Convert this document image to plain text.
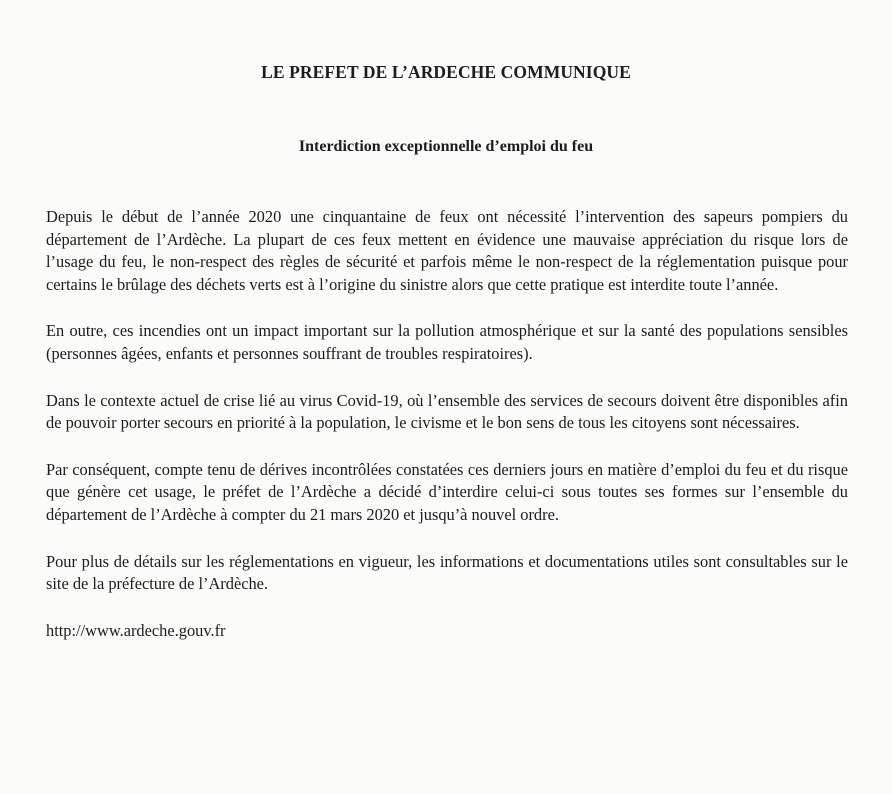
LE PREFET DE L’ARDECHE COMMUNIQUE
Interdiction exceptionnelle d’emploi du feu

Depuis le début de l’année 2020 une cinquantaine de feux ont nécessité l’intervention des sapeurs pompiers du département de l’Ardèche. La plupart de ces feux mettent en évidence une mauvaise appréciation du risque lors de l’usage du feu, le non-respect des règles de sécurité et parfois même le non-respect de la réglementation puisque pour certains le brûlage des déchets verts est à l’origine du sinistre alors que cette pratique est interdite toute l’année.

En outre, ces incendies ont un impact important sur la pollution atmosphérique et sur la santé des populations sensibles (personnes âgées, enfants et personnes souffrant de troubles respiratoires).

Dans le contexte actuel de crise lié au virus Covid-19, où l’ensemble des services de secours doivent être disponibles afin de pouvoir porter secours en priorité à la population, le civisme et le bon sens de tous les citoyens sont nécessaires.

Par conséquent, compte tenu de dérives incontrôlées constatées ces derniers jours en matière d’emploi du feu et du risque que génère cet usage, le préfet de l’Ardèche a décidé d’interdire celui-ci sous toutes ses formes sur l’ensemble du département de l’Ardèche à compter du 21 mars 2020 et jusqu’à nouvel ordre.

Pour plus de détails sur les réglementations en vigueur, les informations et documentations utiles sont consultables sur le site de la préfecture de l’Ardèche.

http://www.ardeche.gouv.fr
